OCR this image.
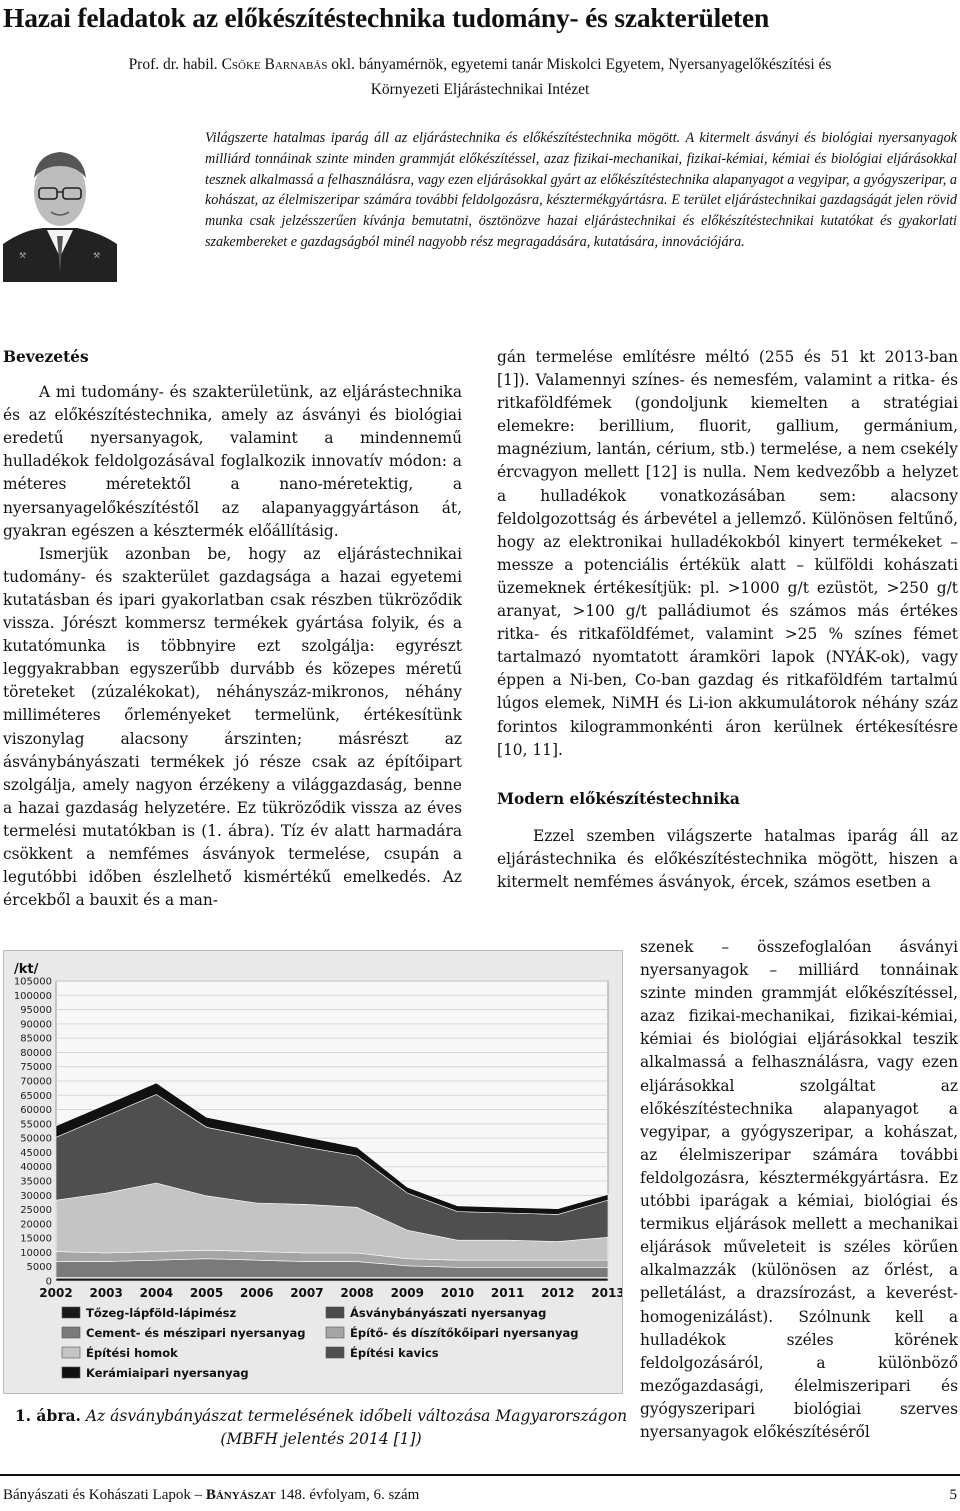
Hazai feladatok az előkészítéstechnika tudomány- és szakterületen
Prof. dr. habil. Csőke Barnabás okl. bányamérnök, egyetemi tanár Miskolci Egyetem, Nyersanyagelőkészítési és
Környezeti Eljárástechnikai Intézet
⚒	⚒

Világszerte hatalmas iparág áll az eljárástechnika és előkészítéstechnika mögött. A kitermelt ásványi és biológiai nyersanyagok milliárd tonnáinak szinte minden grammját előkészítéssel, azaz fizikai-mechanikai, fizikai-kémiai, kémiai és biológiai eljárásokkal tesznek alkalmassá a felhasználásra, vagy ezen eljárásokkal gyárt az előkészítéstechnika alapanyagot a vegyipar, a gyógyszeripar, a kohászat, az élelmiszeripar számára további feldolgozásra, késztermékgyártásra. E terület eljárástechnikai gazdagságát jelen rövid munka csak jelzésszerűen kívánja bemutatni, ösztönözve hazai eljárástechnikai és előkészítéstechnikai kutatókat és gyakorlati szakembereket e gazdagságból minél nagyobb rész megragadására, kutatására, innovációjára.

Bevezetés

A mi tudomány- és szakterületünk, az eljárástechnika és az előkészítéstechnika, amely az ásványi és biológiai eredetű nyersanyagok, valamint a mindennemű hulladékok feldolgozásával foglalkozik innovatív módon: a méteres méretektől a nano-méretektig, a nyersanyagelőkészítéstől az alapanyaggyártáson át, gyakran egészen a késztermék előállításig.

Ismerjük azonban be, hogy az eljárástechnikai tudomány- és szakterület gazdagsága a hazai egyetemi kutatásban és ipari gyakorlatban csak részben tükröződik vissza. Jórészt kommersz termékek gyártása folyik, és a kutatómunka is többnyire ezt szolgálja: egyrészt leggyakrabban egyszerűbb durvább és közepes méretű töreteket (zúzalékokat), néhányszáz-mikronos, néhány milliméteres őrleményeket termelünk, értékesítünk viszonylag alacsony árszinten; másrészt az ásványbányászati termékek jó része csak az építőipart szolgálja, amely nagyon érzékeny a világgazdaság, benne a hazai gazdaság helyzetére. Ez tükröződik vissza az éves termelési mutatókban is (1. ábra). Tíz év alatt harmadára csökkent a nemfémes ásványok termelése, csupán a legutóbbi időben észlelhető kismértékű emelkedés. Az ércekből a bauxit és a man-

gán termelése említésre méltó (255 és 51 kt 2013-ban [1]). Valamennyi színes- és nemesfém, valamint a ritka- és ritkaföldfémek (gondoljunk kiemelten a stratégiai elemekre: berillium, fluorit, gallium, germánium, magnézium, lantán, cérium, stb.) termelése, a nem csekély ércvagyon mellett [12] is nulla. Nem kedvezőbb a helyzet a hulladékok vonatkozásában sem: alacsony feldolgozottság és árbevétel a jellemző. Különösen feltűnő, hogy az elektronikai hulladékokból kinyert termékeket – messze a potenciális értékük alatt – külföldi kohászati üzemeknek értékesítjük: pl. >1000 g/t ezüstöt, >250 g/t aranyat, >100 g/t palládiumot és számos más értékes ritka- és ritkaföldfémet, valamint >25 % színes fémet tartalmazó nyomtatott áramköri lapok (NYÁK-ok), vagy éppen a Ni-ben, Co-ban gazdag és ritkaföldfém tartalmú lúgos elemek, NiMH és Li-ion akkumulátorok néhány száz forintos kilogrammonkénti áron kerülnek értékesítésre [10, 11].

Modern előkészítéstechnika

Ezzel szemben világszerte hatalmas iparág áll az eljárástechnika és előkészítéstechnika mögött, hiszen a kitermelt nemfémes ásványok, ércek, számos esetben a

szenek – összefoglalóan ásványi nyersanyagok – milliárd tonnáinak szinte minden grammját előkészítéssel, azaz fizikai-mechanikai, fizikai-kémiai, kémiai és biológiai eljárásokkal teszik alkalmassá a felhasználásra, vagy ezen eljárásokkal szolgáltat az előkészítéstechnika alapanyagot a vegyipar, a gyógyszeripar, a kohászat, az élelmiszeripar számára további feldolgozásra, késztermékgyártásra. Ez utóbbi iparágak a kémiai, biológiai és termikus eljárások mellett a mechanikai eljárások műveleteit is széles körűen alkalmazzák (különösen az őrlést, a pelletálást, a drazsírozást, a keverést-homogenizálást). Szólnunk kell a hulladékok széles körének feldolgozásáról, a különböző mezőgazdasági, élelmiszeripari és gyógyszeripari biológiai szerves nyersanyagok előkészítéséről

/kt/
105000
100000
95000
90000
85000
80000
75000
70000
65000
60000
55000
50000
45000
40000
35000
30000
25000
20000
15000
10000
5000
0
2002 2003 2004 2005 2006 2007 2008 2009 2010 2011 2012 2013
Tőzeg-lápföld-lápimész	Ásványbányászati nyersanyag
Cement- és mészipari nyersanyag	Építő- és díszítőkőipari nyersanyag
Építési homok	Építési kavics
Kerámiaipari nyersanyag
1. ábra. Az ásványbányászat termelésének időbeli változása Magyarországon
(MBFH jelentés 2014 [1])
Bányászati és Kohászati Lapok – Bányászat 148. évfolyam, 6. szám	5
